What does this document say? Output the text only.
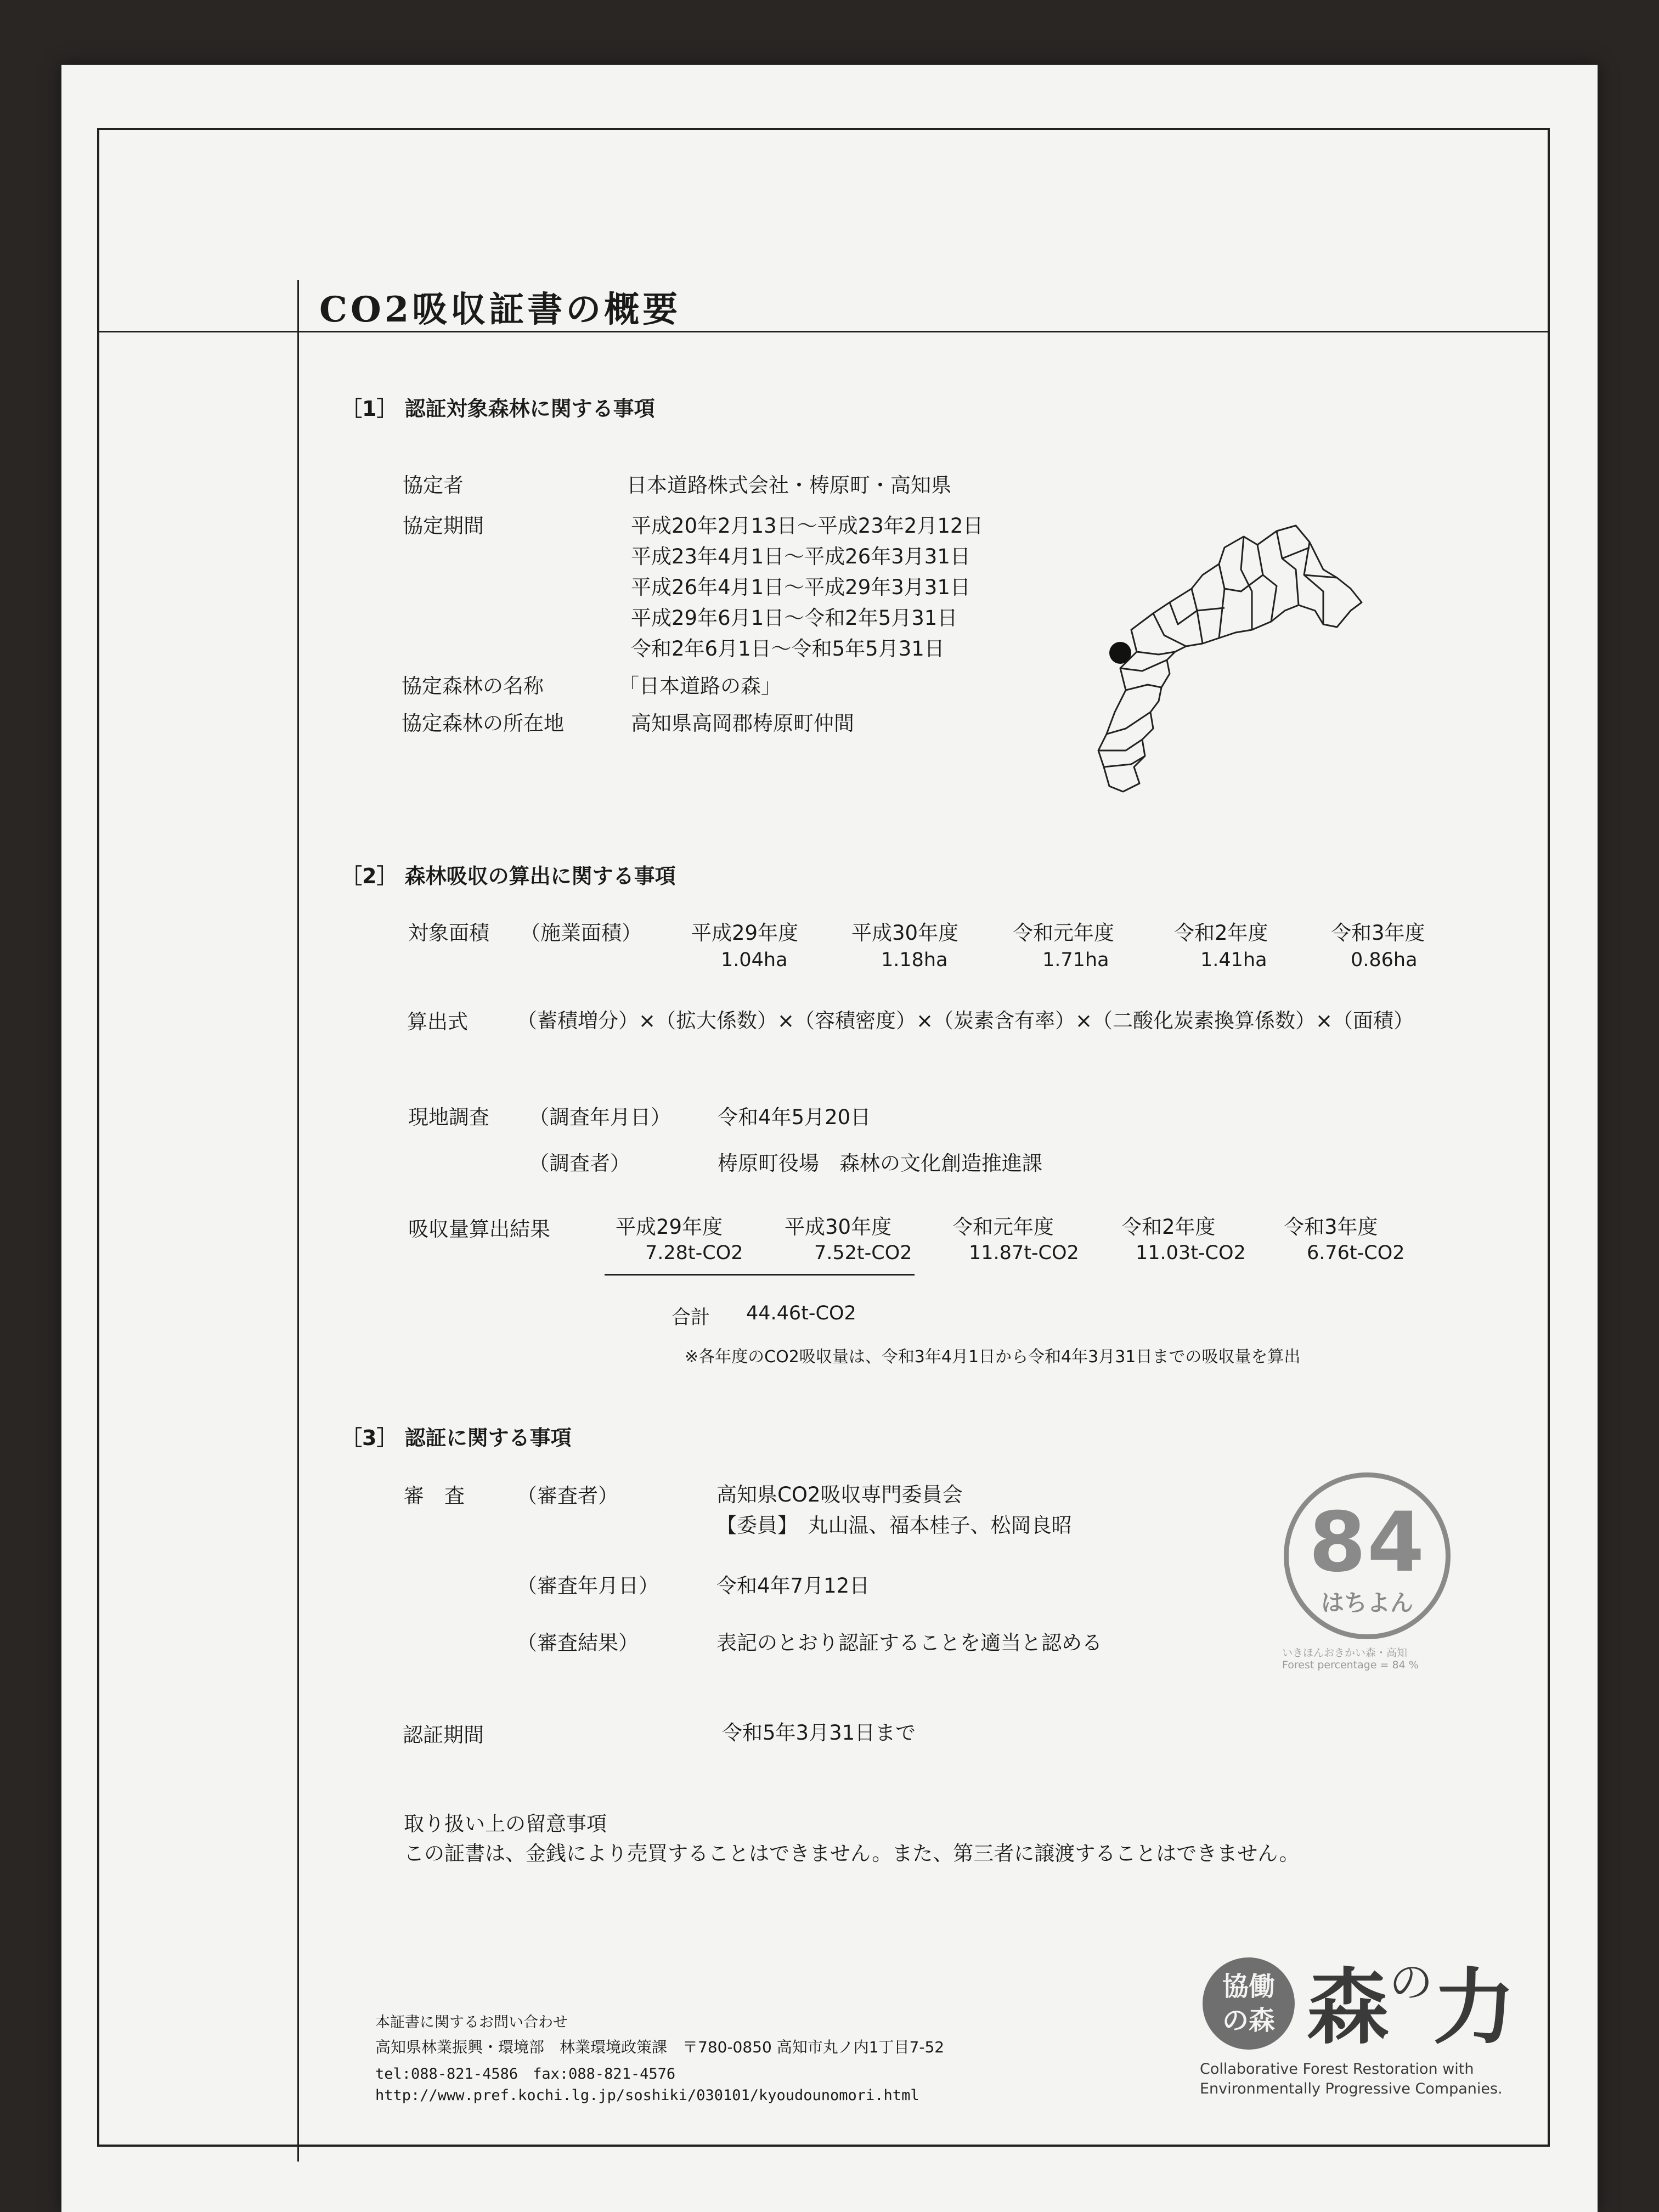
CO2吸収証書の概要
［1］ 認証対象森林に関する事項
協定者	日本道路株式会社・梼原町・高知県
協定期間	平成20年2月13日～平成23年2月12日
平成23年4月1日～平成26年3月31日
平成26年4月1日～平成29年3月31日
平成29年6月1日～令和2年5月31日
令和2年6月1日～令和5年5月31日
協定森林の名称	「日本道路の森」
協定森林の所在地	高知県高岡郡梼原町仲間
［2］ 森林吸収の算出に関する事項
対象面積 （施業面積） 平成29年度	平成30年度	令和元年度	令和2年度	令和3年度
1.04ha	1.18ha	1.71ha	1.41ha	0.86ha
算出式 （蓄積増分）×（拡大係数）×（容積密度）×（炭素含有率）×（二酸化炭素換算係数）×（面積）
現地調査 （調査年月日） 令和4年5月20日
（調査者）	梼原町役場　森林の文化創造推進課
吸収量算出結果	平成29年度	平成30年度	令和元年度	令和2年度	令和3年度
7.28t-CO2	7.52t-CO2	11.87t-CO2	11.03t-CO2	6.76t-CO2
合計 44.46t-CO2
※各年度のCO2吸収量は、令和3年4月1日から令和4年3月31日までの吸収量を算出
［3］ 認証に関する事項
審　査	（審査者）	高知県CO2吸収専門委員会
【委員】　丸山温、福本桂子、松岡良昭
（審査年月日）	令和4年7月12日
（審査結果）	表記のとおり認証することを適当と認める
認証期間	令和5年3月31日まで
84
はちよん
いきほんおきかい森・高知
Forest percentage = 84 %
取り扱い上の留意事項
この証書は、金銭により売買することはできません。また、第三者に譲渡することはできません。
本証書に関するお問い合わせ
高知県林業振興・環境部　林業環境政策課　〒780-0850 高知市丸ノ内1丁目7-52
tel:088-821-4586　fax:088-821-4576
http://www.pref.kochi.lg.jp/soshiki/030101/kyoudounomori.html
協働
の森 森$^の$力
Collaborative Forest Restoration with
Environmentally Progressive Companies.
